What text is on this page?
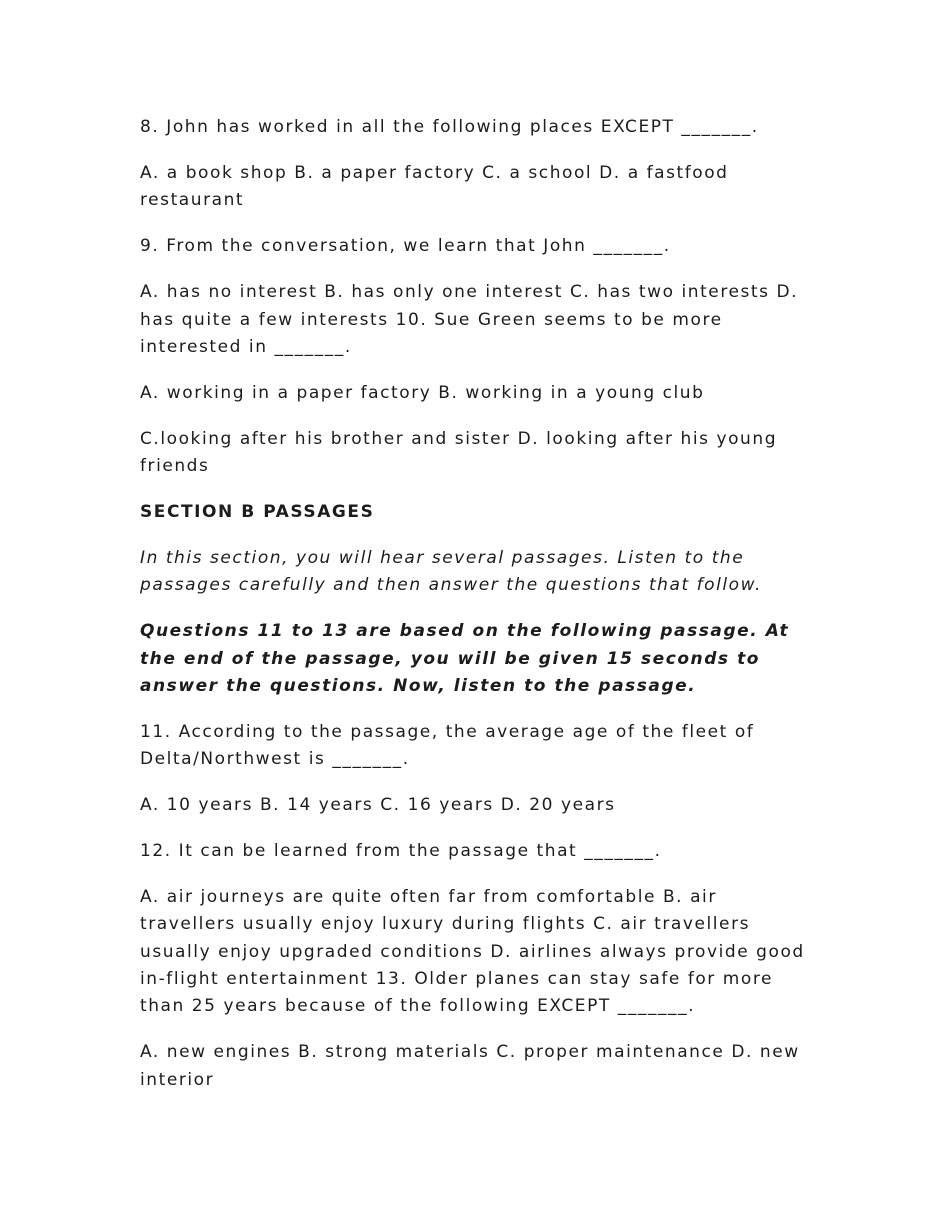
8. John has worked in all the following places EXCEPT _______.

A. a book shop B. a paper factory C. a school D. a fastfood restaurant

9. From the conversation, we learn that John _______.

A. has no interest B. has only one interest C. has two interests D. has quite a few interests 10. Sue Green seems to be more interested in _______.

A. working in a paper factory B. working in a young club

C.looking after his brother and sister D. looking after his young friends

SECTION B PASSAGES

In this section, you will hear several passages. Listen to the passages carefully and then answer the questions that follow.

Questions 11 to 13 are based on the following passage. At the end of the passage, you will be given 15 seconds to answer the questions. Now, listen to the passage.

11. According to the passage, the average age of the fleet of Delta/Northwest is _______.

A. 10 years B. 14 years C. 16 years D. 20 years

12. It can be learned from the passage that _______.

A. air journeys are quite often far from comfortable B. air travellers usually enjoy luxury during flights C. air travellers usually enjoy upgraded conditions D. airlines always provide good in-flight entertainment 13. Older planes can stay safe for more than 25 years because of the following EXCEPT _______.

A. new engines B. strong materials C. proper maintenance D. new interior
